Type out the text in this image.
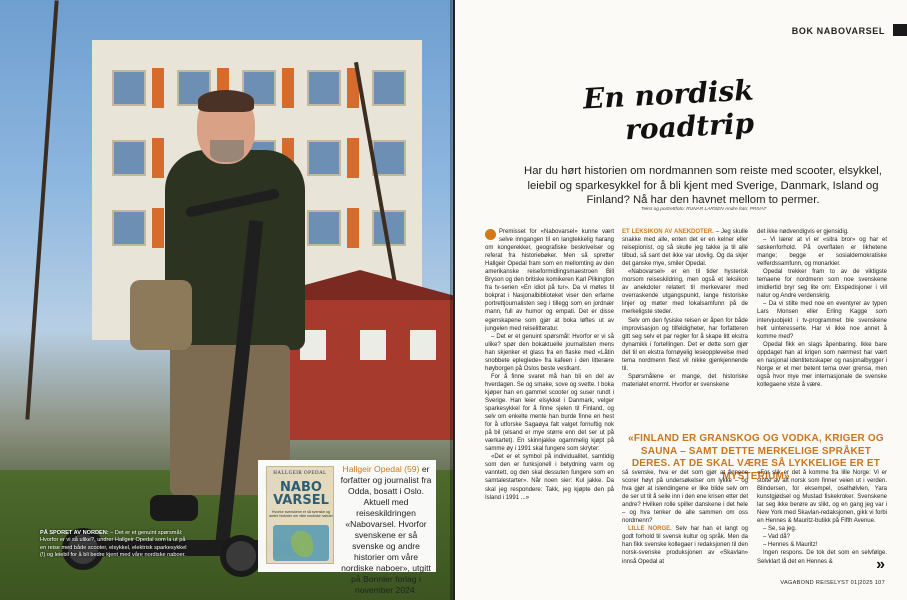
PÅ SPORET AV NORDEN: – Det er et genuint spørsmål: Hvorfor er vi så ulike?, undrer Hallgeir Opedal som la ut på en reise med både scooter, elsykkel, elektrisk sparkesykkel (!) og leiebil for å bli bedre kjent med våre nordiske naboer.
HALLGEIR OPEDAL
NABO VARSEL
Hvorfor svenskene er så svenske og andre historier om våre nordiske naboer
Hallgeir Opedal (59) er forfatter og journalist fra Odda, bosatt i Oslo. Aktuell med reiseskildringen «Nabovarsel. Hvorfor svenskene er så svenske og andre historier om våre nordiske naboer», utgitt på Bonnier forlag i november 2024.
BOK NABOVARSEL
En nordisk
roadtrip
Har du hørt historien om nordmannen som reiste med scooter, elsykkel, leiebil og sparkesykkel for å bli kjent med Sverige, Danmark, Island og Finland? Nå har den havnet mellom to permer.
Tekst og portrettfoto: RUNAR LARSEN Andre foto: PRIVAT

Premisset for «Nabovarsel» kunne vært selve inngangen til en langtekkelig harang om kongerekker, geografiske beskrivelser og referat fra historiebøker. Men så spretter Hallgeir Opedal fram som en mellomting av den amerikanske reiseformidlingsmaestroen Bill Bryson og den britiske komikeren Karl Pilkington fra tv-serien «En idiot på tur». Da vi møtes til bokprat i Nasjonalbiblioteket viser den erfarne portrettjournalisten seg i tillegg som en jordnær mann, full av humor og empati. Det er disse egenskapene som gjør at boka løftes ut av jungelen med reiselitteratur.

– Det er et genuint spørsmål: Hvorfor er vi så ulike? spør den bokaktuelle journalisten mens han skjenker et glass fra en flaske med «Låtin snobbete epleglede» fra kafeen i den litterære høyborgen på Oslos beste vestkant.

For å finne svaret må han bli en del av hverdagen. Se og smake, sove og svette. I boka kjøper han en gammel scooter og suser rundt i Sverige. Han leier elsykkel i Danmark, velger sparkesykkel for å finne sjelen til Finland, og selv om enkelte mente han burde finne en hest for å utforske Sagaøya falt valget fornuftig nok på bil (elsand er mye større enn det ser ut på værkartet). En skinnjakke ogammelig kjøpt på samme øy i 1991 skal fungere som skryter:

«Det er et symbol på individualitet, samtidig som den er funksjonell i betydning varm og vanntett, og den skal dessuten fungere som en samtalestarter». Når noen sier: Kul jakke. Da skal jeg respondere: Takk, jeg kjøpte den på Island i 1991 ...»

ET LEKSIKON AV ANEKDOTER. – Jeg skulle snakke med alle, enten det er en kelner eller reisepionist, og så skulle jeg takke ja til alle tilbud, så sant det ikke var ulovlig. Og da skjer det ganske mye, smiler Opedal.

«Nabovarsel» er en til tider hysterisk morsom reiseskildring, men også et leksikon av anekdoter relatert til merkevarer med overraskende utgangspunkt, lange historiske linjer og møter med lokalsamfunn på de merkeligste steder.

Selv om den fysiske reisen er åpen for både improvisasjon og tilfeldigheter, har forfatteren gitt seg selv et par regler for å skape litt ekstra dynamikk i fortellingen. Det er dette som gjør det til en ekstra fornøyelig leseopplevelse med tema nordmenn flest vil nikke gjenkjennende til.

Spørsmålene er mange, det historiske materialet enormt. Hvorfor er svenskene

det ikke nødvendigvis er gjensidig.

– Vi lærer at vi er «sitra bror» og har et søskenforhold. På overflaten er likhetene mange; begge er sosialdemokratiske velferdssamfunn, og monarkier.

Opedal trekker fram to av de viktigste temaene for nordmenn som noe svenskene imidlertid bryr seg lite om: Ekspedisjoner i vill natur og Andre verdenskrig.

– Da vi stilte med noe en eventyrer av typen Lars Monsen eller Erling Kagge som intervjuobjekt i tv-programmet ble svenskene helt uinteresserte. Har vi ikke noe annet å komme med?

Opedal fikk en slags åpenbaring. Ikke bare oppdaget han at krigen som nærmest har vært en nasjonal identitetsskaper og nasjonalbygger i Norge er et mer betent tema over grensa, men også hvor mye mer internasjonale de svenske kollegaene viste å være.

«FINLAND ER GRANSKOG OG VODKA, KRIGER OG SAUNA – SAMT DETTE MERKELIGE SPRÅKET DERES. AT DE SKAL VÆRE SÅ LYKKELIGE ER ET MYSTERIUM»

så svenske, hva er det som gjør at finnene scorer høyt på undersøkelser om lykke – og hva gjør at islendingene er like blide selv om de ser ut til å seile inn i den ene krisen etter det andre? Hvilken rolle spiller danskene i det hele – og hva tenker de alle sammen om oss nordmenn?

LILLE NORGE. Selv har han et langt og godt forhold til svensk kultur og språk. Men da han fikk svenske kollegaer i redaksjonen til den norsk-svenske produksjonen av «Skavlan» innså Opedal at

«For slik er det å komme fra lille Norge: Vi er stolte av alt norsk som finner veien ut i verden. Blindersen, for eksempel, oselhølvlen, Yara kunstgjødsel og Mustad fiskekroker. Svenskene lar seg ikke berøre av slikt, og en gang jeg var i New York med Skavlan-redaksjonen, gikk vi forbi en Hennes & Mauritz-butikk på Fifth Avenue.

– Se, sa jeg.

– Vad då?

– Hennes & Mauritz!

Ingen respons. De tok det som en selvfølge. Selvklart lå det en Hennes &	»
VAGABOND REISELYST 01|2025 107
